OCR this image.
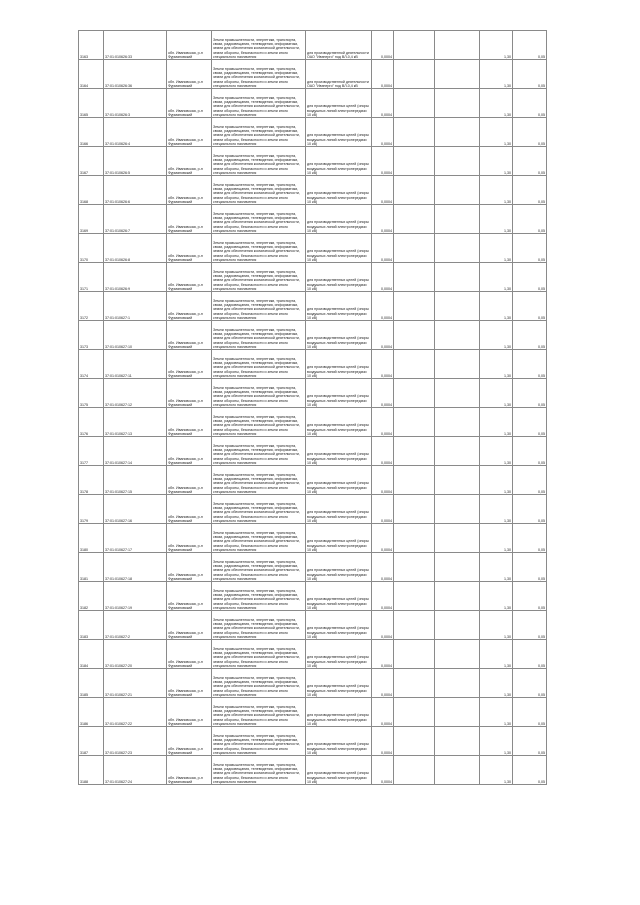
3163	37:01:010626:33	обл. Ивановская, р-н Фурмановский	Земли промышленности, энергетики, транспорта, связи, радиовещания, телевидения, информатики, земли для обеспечения космической деятельности, земли обороны, безопасности и земли иного специального назначения	для производственной деятельности ОАО "Ивэнерго" под ВЛ-0,4 кВ	0,0004			1,30	0,05

3164	37:01:010626:36	обл. Ивановская, р-н Фурмановский	Земли промышленности, энергетики, транспорта, связи, радиовещания, телевидения, информатики, земли для обеспечения космической деятельности, земли обороны, безопасности и земли иного специального назначения	для производственной деятельности ОАО "Ивэнерго" под ВЛ-0,4 кВ	0,0004			1,30	0,05

3165	37:01:010626:3	обл. Ивановская, р-н Фурмановский	Земли промышленности, энергетики, транспорта, связи, радиовещания, телевидения, информатики, земли для обеспечения космической деятельности, земли обороны, безопасности и земли иного специального назначения	для производственных целей (опоры воздушных линий электропередачи 10 кВ)	0,0004			1,30	0,05

3166	37:01:010626:4	обл. Ивановская, р-н Фурмановский	Земли промышленности, энергетики, транспорта, связи, радиовещания, телевидения, информатики, земли для обеспечения космической деятельности, земли обороны, безопасности и земли иного специального назначения	для производственных целей (опоры воздушных линий электропередачи 10 кВ)	0,0004			1,30	0,05

3167	37:01:010626:5	обл. Ивановская, р-н Фурмановский	Земли промышленности, энергетики, транспорта, связи, радиовещания, телевидения, информатики, земли для обеспечения космической деятельности, земли обороны, безопасности и земли иного специального назначения	для производственных целей (опоры воздушных линий электропередачи 10 кВ)	0,0004			1,30	0,05

3168	37:01:010626:6	обл. Ивановская, р-н Фурмановский	Земли промышленности, энергетики, транспорта, связи, радиовещания, телевидения, информатики, земли для обеспечения космической деятельности, земли обороны, безопасности и земли иного специального назначения	для производственных целей (опоры воздушных линий электропередачи 10 кВ)	0,0004			1,30	0,05

3169	37:01:010626:7	обл. Ивановская, р-н Фурмановский	Земли промышленности, энергетики, транспорта, связи, радиовещания, телевидения, информатики, земли для обеспечения космической деятельности, земли обороны, безопасности и земли иного специального назначения	для производственных целей (опоры воздушных линий электропередачи 10 кВ)	0,0004			1,30	0,05

3170	37:01:010626:8	обл. Ивановская, р-н Фурмановский	Земли промышленности, энергетики, транспорта, связи, радиовещания, телевидения, информатики, земли для обеспечения космической деятельности, земли обороны, безопасности и земли иного специального назначения	для производственных целей (опоры воздушных линий электропередачи 10 кВ)	0,0004			1,30	0,05

3171	37:01:010626:9	обл. Ивановская, р-н Фурмановский	Земли промышленности, энергетики, транспорта, связи, радиовещания, телевидения, информатики, земли для обеспечения космической деятельности, земли обороны, безопасности и земли иного специального назначения	для производственных целей (опоры воздушных линий электропередачи 10 кВ)	0,0004			1,30	0,05

3172	37:01:010627:1	обл. Ивановская, р-н Фурмановский	Земли промышленности, энергетики, транспорта, связи, радиовещания, телевидения, информатики, земли для обеспечения космической деятельности, земли обороны, безопасности и земли иного специального назначения	для производственных целей (опоры воздушных линий электропередачи 10 кВ)	0,0004			1,30	0,05

3173	37:01:010627:10	обл. Ивановская, р-н Фурмановский	Земли промышленности, энергетики, транспорта, связи, радиовещания, телевидения, информатики, земли для обеспечения космической деятельности, земли обороны, безопасности и земли иного специального назначения	для производственных целей (опоры воздушных линий электропередачи 10 кВ)	0,0004			1,30	0,05

3174	37:01:010627:11	обл. Ивановская, р-н Фурмановский	Земли промышленности, энергетики, транспорта, связи, радиовещания, телевидения, информатики, земли для обеспечения космической деятельности, земли обороны, безопасности и земли иного специального назначения	для производственных целей (опоры воздушных линий электропередачи 10 кВ)	0,0004			1,30	0,05

3175	37:01:010627:12	обл. Ивановская, р-н Фурмановский	Земли промышленности, энергетики, транспорта, связи, радиовещания, телевидения, информатики, земли для обеспечения космической деятельности, земли обороны, безопасности и земли иного специального назначения	для производственных целей (опоры воздушных линий электропередачи 10 кВ)	0,0004			1,30	0,05

3176	37:01:010627:13	обл. Ивановская, р-н Фурмановский	Земли промышленности, энергетики, транспорта, связи, радиовещания, телевидения, информатики, земли для обеспечения космической деятельности, земли обороны, безопасности и земли иного специального назначения	для производственных целей (опоры воздушных линий электропередачи 10 кВ)	0,0004			1,30	0,05

3177	37:01:010627:14	обл. Ивановская, р-н Фурмановский	Земли промышленности, энергетики, транспорта, связи, радиовещания, телевидения, информатики, земли для обеспечения космической деятельности, земли обороны, безопасности и земли иного специального назначения	для производственных целей (опоры воздушных линий электропередачи 10 кВ)	0,0004			1,30	0,05

3178	37:01:010627:15	обл. Ивановская, р-н Фурмановский	Земли промышленности, энергетики, транспорта, связи, радиовещания, телевидения, информатики, земли для обеспечения космической деятельности, земли обороны, безопасности и земли иного специального назначения	для производственных целей (опоры воздушных линий электропередачи 10 кВ)	0,0004			1,30	0,05

3179	37:01:010627:16	обл. Ивановская, р-н Фурмановский	Земли промышленности, энергетики, транспорта, связи, радиовещания, телевидения, информатики, земли для обеспечения космической деятельности, земли обороны, безопасности и земли иного специального назначения	для производственных целей (опоры воздушных линий электропередачи 10 кВ)	0,0004			1,30	0,05

3180	37:01:010627:17	обл. Ивановская, р-н Фурмановский	Земли промышленности, энергетики, транспорта, связи, радиовещания, телевидения, информатики, земли для обеспечения космической деятельности, земли обороны, безопасности и земли иного специального назначения	для производственных целей (опоры воздушных линий электропередачи 10 кВ)	0,0004			1,30	0,05

3181	37:01:010627:18	обл. Ивановская, р-н Фурмановский	Земли промышленности, энергетики, транспорта, связи, радиовещания, телевидения, информатики, земли для обеспечения космической деятельности, земли обороны, безопасности и земли иного специального назначения	для производственных целей (опоры воздушных линий электропередачи 10 кВ)	0,0004			1,30	0,05

3182	37:01:010627:19	обл. Ивановская, р-н Фурмановский	Земли промышленности, энергетики, транспорта, связи, радиовещания, телевидения, информатики, земли для обеспечения космической деятельности, земли обороны, безопасности и земли иного специального назначения	для производственных целей (опоры воздушных линий электропередачи 10 кВ)	0,0004			1,30	0,05

3183	37:01:010627:2	обл. Ивановская, р-н Фурмановский	Земли промышленности, энергетики, транспорта, связи, радиовещания, телевидения, информатики, земли для обеспечения космической деятельности, земли обороны, безопасности и земли иного специального назначения	для производственных целей (опоры воздушных линий электропередачи 10 кВ)	0,0004			1,30	0,05

3184	37:01:010627:20	обл. Ивановская, р-н Фурмановский	Земли промышленности, энергетики, транспорта, связи, радиовещания, телевидения, информатики, земли для обеспечения космической деятельности, земли обороны, безопасности и земли иного специального назначения	для производственных целей (опоры воздушных линий электропередачи 10 кВ)	0,0004			1,30	0,05

3185	37:01:010627:21	обл. Ивановская, р-н Фурмановский	Земли промышленности, энергетики, транспорта, связи, радиовещания, телевидения, информатики, земли для обеспечения космической деятельности, земли обороны, безопасности и земли иного специального назначения	для производственных целей (опоры воздушных линий электропередачи 10 кВ)	0,0004			1,30	0,05

3186	37:01:010627:22	обл. Ивановская, р-н Фурмановский	Земли промышленности, энергетики, транспорта, связи, радиовещания, телевидения, информатики, земли для обеспечения космической деятельности, земли обороны, безопасности и земли иного специального назначения	для производственных целей (опоры воздушных линий электропередачи 10 кВ)	0,0004			1,30	0,05

3187	37:01:010627:23	обл. Ивановская, р-н Фурмановский	Земли промышленности, энергетики, транспорта, связи, радиовещания, телевидения, информатики, земли для обеспечения космической деятельности, земли обороны, безопасности и земли иного специального назначения	для производственных целей (опоры воздушных линий электропередачи 10 кВ)	0,0004			1,30	0,05

3188	37:01:010627:24	обл. Ивановская, р-н Фурмановский	Земли промышленности, энергетики, транспорта, связи, радиовещания, телевидения, информатики, земли для обеспечения космической деятельности, земли обороны, безопасности и земли иного специального назначения	для производственных целей (опоры воздушных линий электропередачи 10 кВ)	0,0004			1,30	0,05
